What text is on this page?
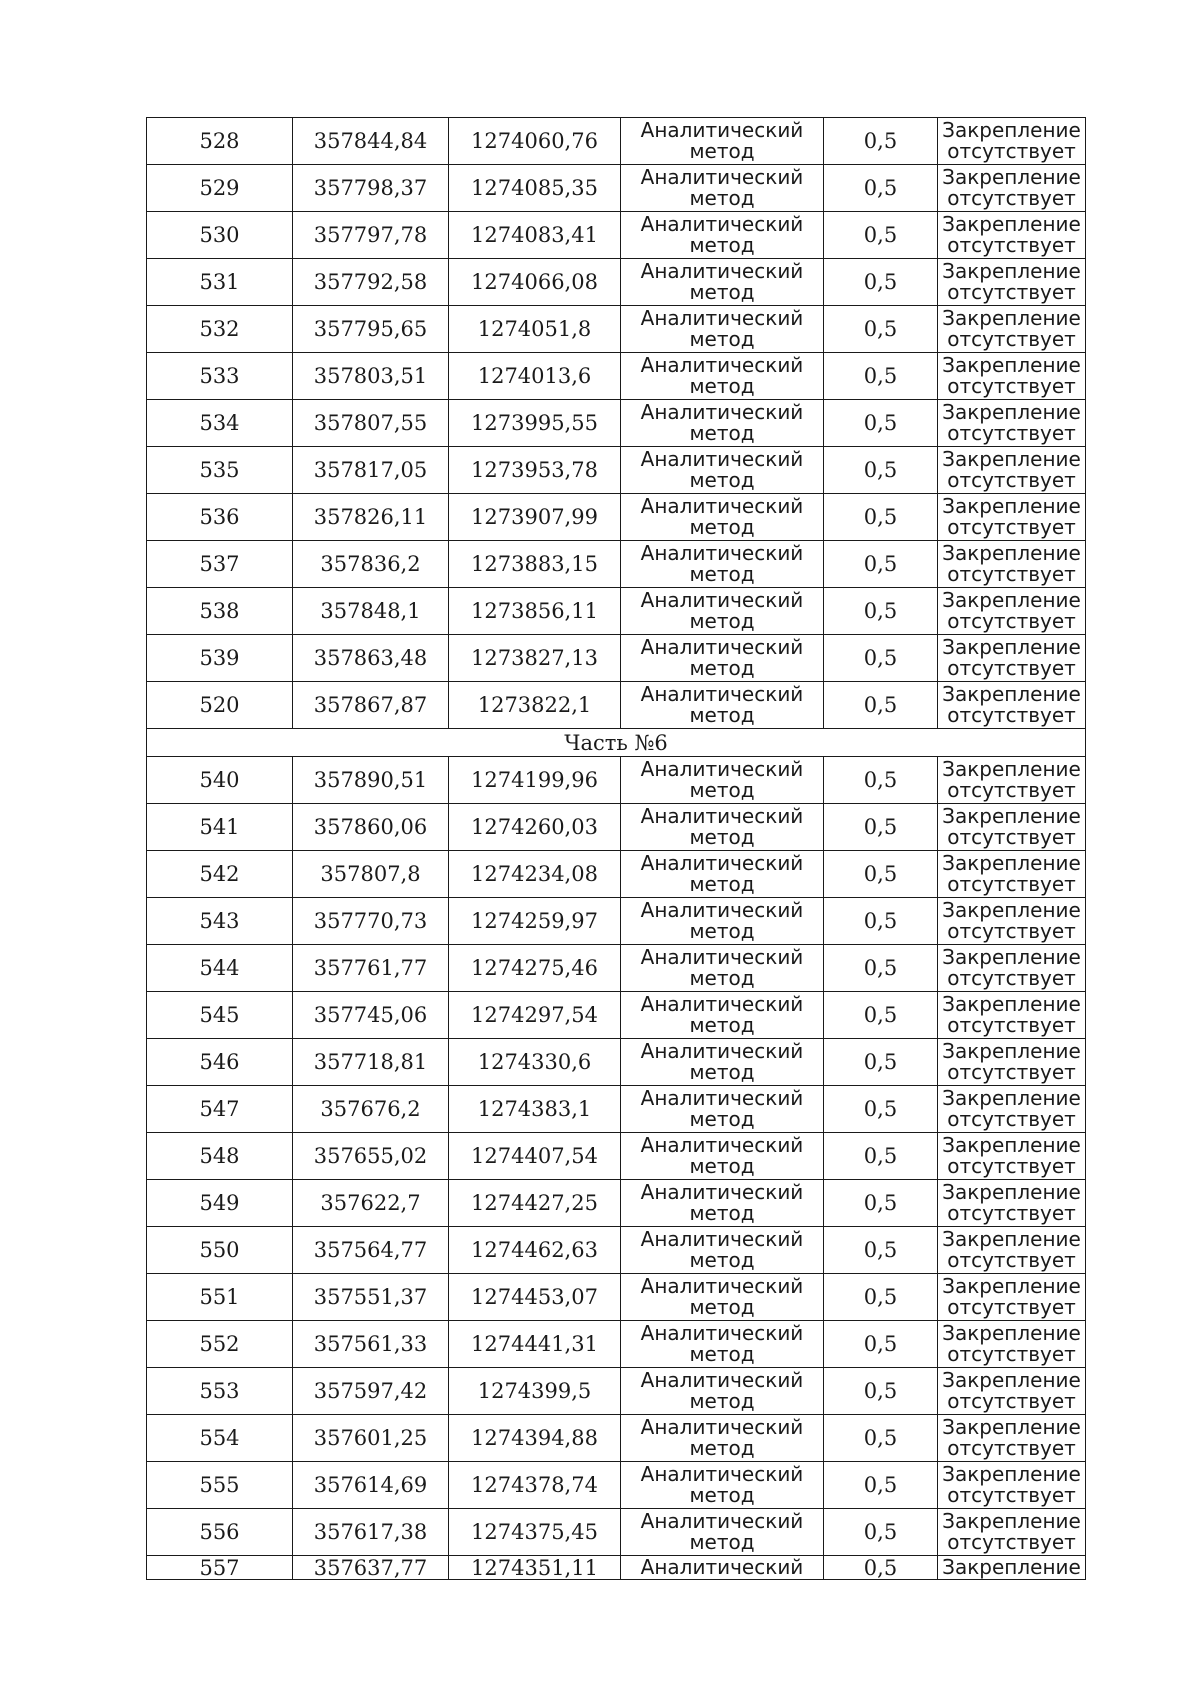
528	357844,84	1274060,76	Аналитический
метод	0,5	Закрепление
отсутствует

529	357798,37	1274085,35	Аналитический
метод	0,5	Закрепление
отсутствует

530	357797,78	1274083,41	Аналитический
метод	0,5	Закрепление
отсутствует

531	357792,58	1274066,08	Аналитический
метод	0,5	Закрепление
отсутствует

532	357795,65	1274051,8	Аналитический
метод	0,5	Закрепление
отсутствует

533	357803,51	1274013,6	Аналитический
метод	0,5	Закрепление
отсутствует

534	357807,55	1273995,55	Аналитический
метод	0,5	Закрепление
отсутствует

535	357817,05	1273953,78	Аналитический
метод	0,5	Закрепление
отсутствует

536	357826,11	1273907,99	Аналитический
метод	0,5	Закрепление
отсутствует

537	357836,2	1273883,15	Аналитический
метод	0,5	Закрепление
отсутствует

538	357848,1	1273856,11	Аналитический
метод	0,5	Закрепление
отсутствует

539	357863,48	1273827,13	Аналитический
метод	0,5	Закрепление
отсутствует

520	357867,87	1273822,1	Аналитический
метод	0,5	Закрепление
отсутствует

Часть №6					
540	357890,51	1274199,96	Аналитический
метод	0,5	Закрепление
отсутствует

541	357860,06	1274260,03	Аналитический
метод	0,5	Закрепление
отсутствует

542	357807,8	1274234,08	Аналитический
метод	0,5	Закрепление
отсутствует

543	357770,73	1274259,97	Аналитический
метод	0,5	Закрепление
отсутствует

544	357761,77	1274275,46	Аналитический
метод	0,5	Закрепление
отсутствует

545	357745,06	1274297,54	Аналитический
метод	0,5	Закрепление
отсутствует

546	357718,81	1274330,6	Аналитический
метод	0,5	Закрепление
отсутствует

547	357676,2	1274383,1	Аналитический
метод	0,5	Закрепление
отсутствует

548	357655,02	1274407,54	Аналитический
метод	0,5	Закрепление
отсутствует

549	357622,7	1274427,25	Аналитический
метод	0,5	Закрепление
отсутствует

550	357564,77	1274462,63	Аналитический
метод	0,5	Закрепление
отсутствует

551	357551,37	1274453,07	Аналитический
метод	0,5	Закрепление
отсутствует

552	357561,33	1274441,31	Аналитический
метод	0,5	Закрепление
отсутствует

553	357597,42	1274399,5	Аналитический
метод	0,5	Закрепление
отсутствует

554	357601,25	1274394,88	Аналитический
метод	0,5	Закрепление
отсутствует

555	357614,69	1274378,74	Аналитический
метод	0,5	Закрепление
отсутствует

556	357617,38	1274375,45	Аналитический
метод	0,5	Закрепление
отсутствует

557	357637,77	1274351,11	Аналитический	0,5	Закрепление
